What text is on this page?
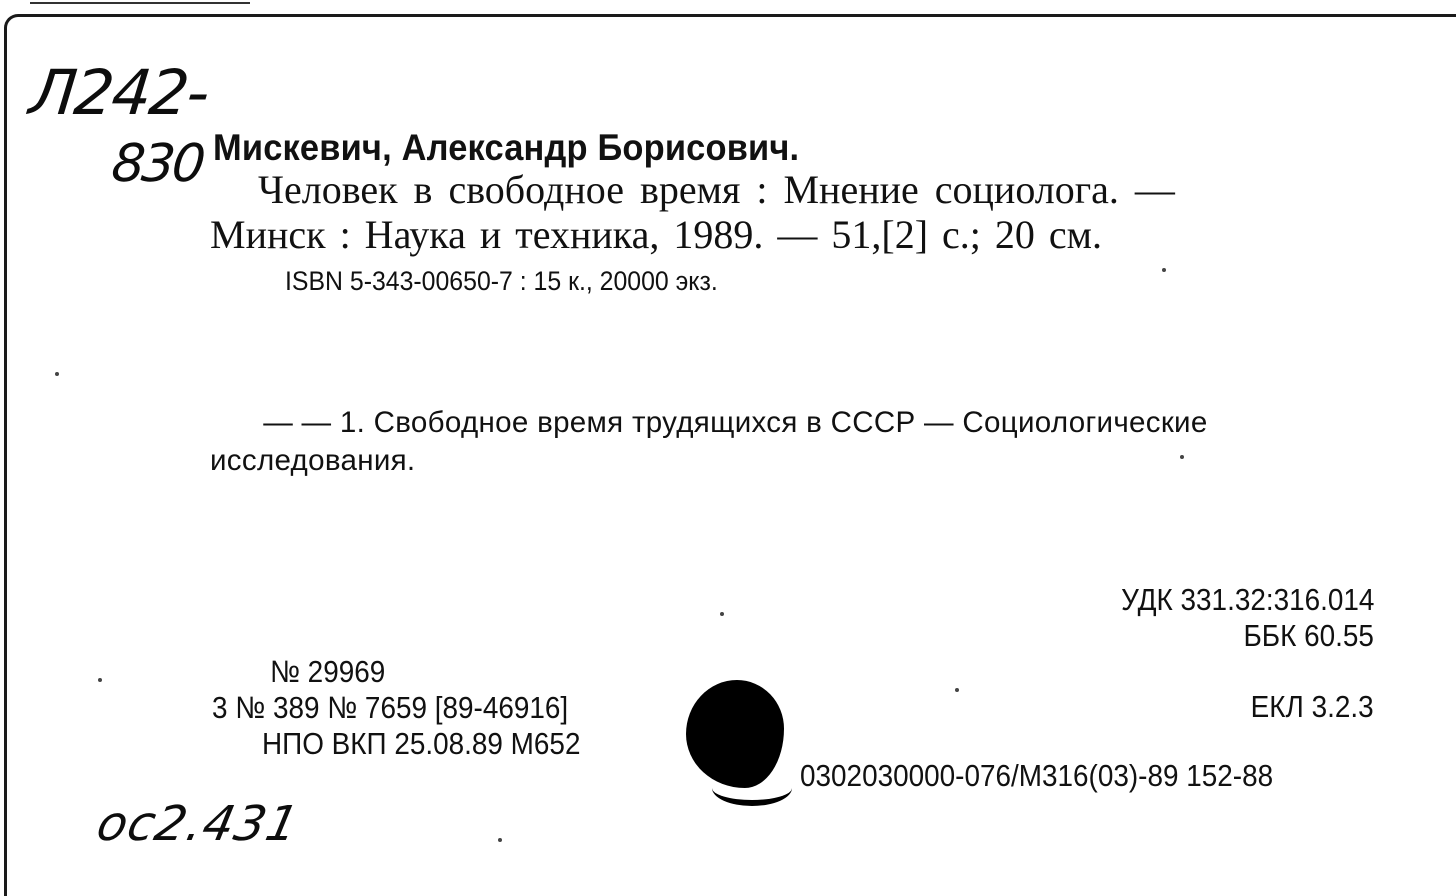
Л242-
830 Мискевич, Александр Борисович.
Человек в свободное время : Мнение социолога. —
Минск : Наука и техника, 1989. — 51,[2] с.; 20 см.
ISBN 5-343-00650-7 : 15 к., 20000 экз.
— — 1. Свободное время трудящихся в СССР — Социологические исследования.
УДК 331.32:316.014
ББК 60.55
ЕКЛ 3.2.3
№ 29969
3 № 389 № 7659 [89-46916]
НПО ВКП 25.08.89 М652
0302030000-076/М316(03)-89 152-88
ос2.431
